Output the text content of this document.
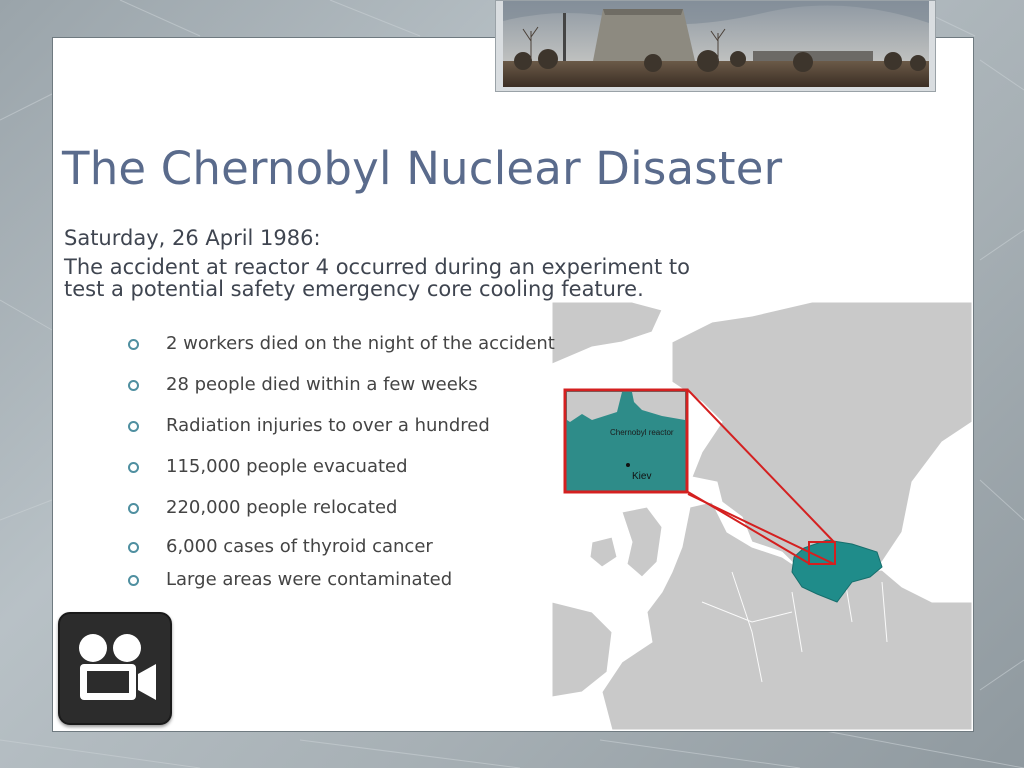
The Chernobyl Nuclear Disaster
Saturday, 26 April 1986:
The accident at reactor 4 occurred during an experiment to
test a potential safety emergency core cooling feature.
Chernobyl reactor
Kiev
2 workers died on the night of the accident
28 people died within a few weeks
Radiation injuries to over a hundred
115,000 people evacuated
220,000 people relocated
6,000 cases of thyroid cancer
Large areas were contaminated
